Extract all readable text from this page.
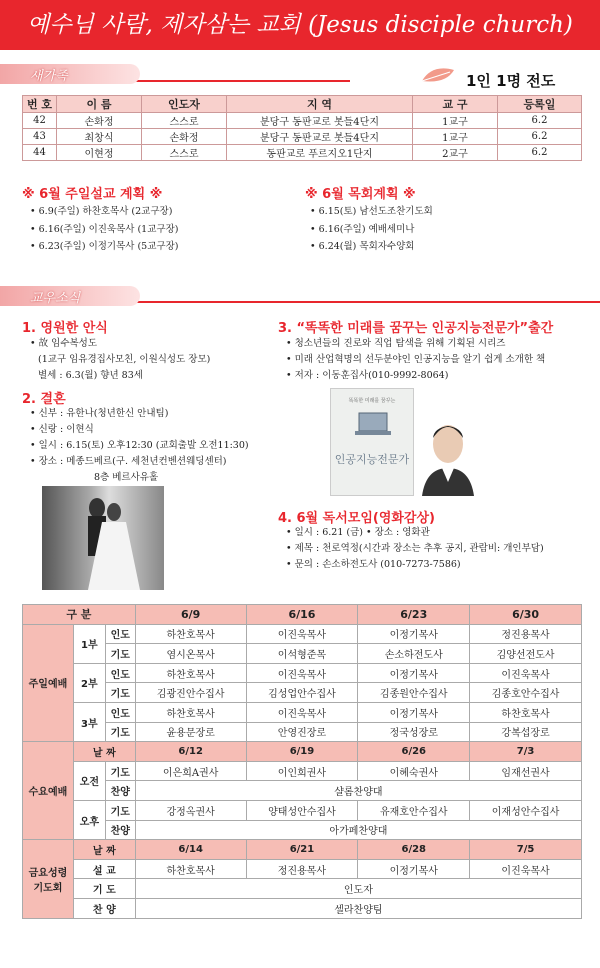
예수님 사람, 제자삼는 교회 (Jesus disciple church)
새가족	1인 1명 전도
번 호	이 름	인도자	지 역	교 구	등록일
42	손화정	스스로	분당구 동판교로 봇들4단지	1교구	6.2
43	최창식	손화정	분당구 동판교로 봇들4단지	1교구	6.2
44	이현정	스스로	동판교로 푸르지오1단지	2교구	6.2
※ 6월 주일설교 계획 ※
• 6.9(주일) 하찬호목사 (2교구장)
• 6.16(주일) 이진욱목사 (1교구장)
• 6.23(주일) 이정기목사 (5교구장)
※ 6월 목회계획 ※
• 6.15(토) 남선도조찬기도회
• 6.16(주일) 예배세미나
• 6.24(월) 목회자수양회
교우소식
1. 영원한 안식
• 故 임수복성도
(1교구 임유경집사모친, 이원식성도 장모)
별세 : 6.3(월) 향년 83세
2. 결혼
• 신부 : 유한나(청년한신 안내팀)
• 신랑 : 이현식
• 일시 : 6.15(토) 오후12:30 (교회출발 오전11:30)
• 장소 : 메종드베르(구. 세천년컨벤션웨딩센터)
8층 베르사유홀
3. “똑똑한 미래를 꿈꾸는 인공지능전문가”출간
• 청소년들의 진로와 직업 탐색을 위해 기획된 시리즈
• 미래 산업혁명의 선두분야인 인공지능을 알기 쉽게 소개한 책
• 저자 : 이동훈집사(010-9992-8064)
똑똑한 미래를 꿈꾸는
인공지능전문가
4. 6월 독서모임(영화감상)
• 일시 : 6.21 (금) • 장소 : 영화관
• 제목 : 천로역정(시간과 장소는 추후 공지, 관람비: 개인부담)
• 문의 : 손소하전도사 (010-7273-7586)
구 분			6/9	6/16	6/23	6/30
주일예배	1부	인도	하찬호목사	이진욱목사	이정기목사	정진용목사
		기도	염시온목사	이석형준목	손소하전도사	김양선전도사
	2부	인도	하찬호목사	이진욱목사	이정기목사	이진욱목사
		기도	김광진안수집사	김성업안수집사	김종원안수집사	김종호안수집사
	3부	인도	하찬호목사	이진욱목사	이정기목사	하찬호목사
		기도	윤용문장로	안영진장로	정국성장로	강복섭장로
수요예배	날 짜		6/12	6/19	6/26	7/3
	오전	기도	이은희A권사	이인희권사	이혜숙권사	임재선권사
		찬양	샬롬찬양대			
	오후	기도	강정옥권사	양태성안수집사	유재호안수집사	이재성안수집사
		찬양	아가페찬양대			
금요성령 기도회	날 짜		6/14	6/21	6/28	7/5
	설 교		하찬호목사	정진용목사	이정기목사	이진욱목사
	기 도		인도자			
	찬 양		셀라찬양팀			
